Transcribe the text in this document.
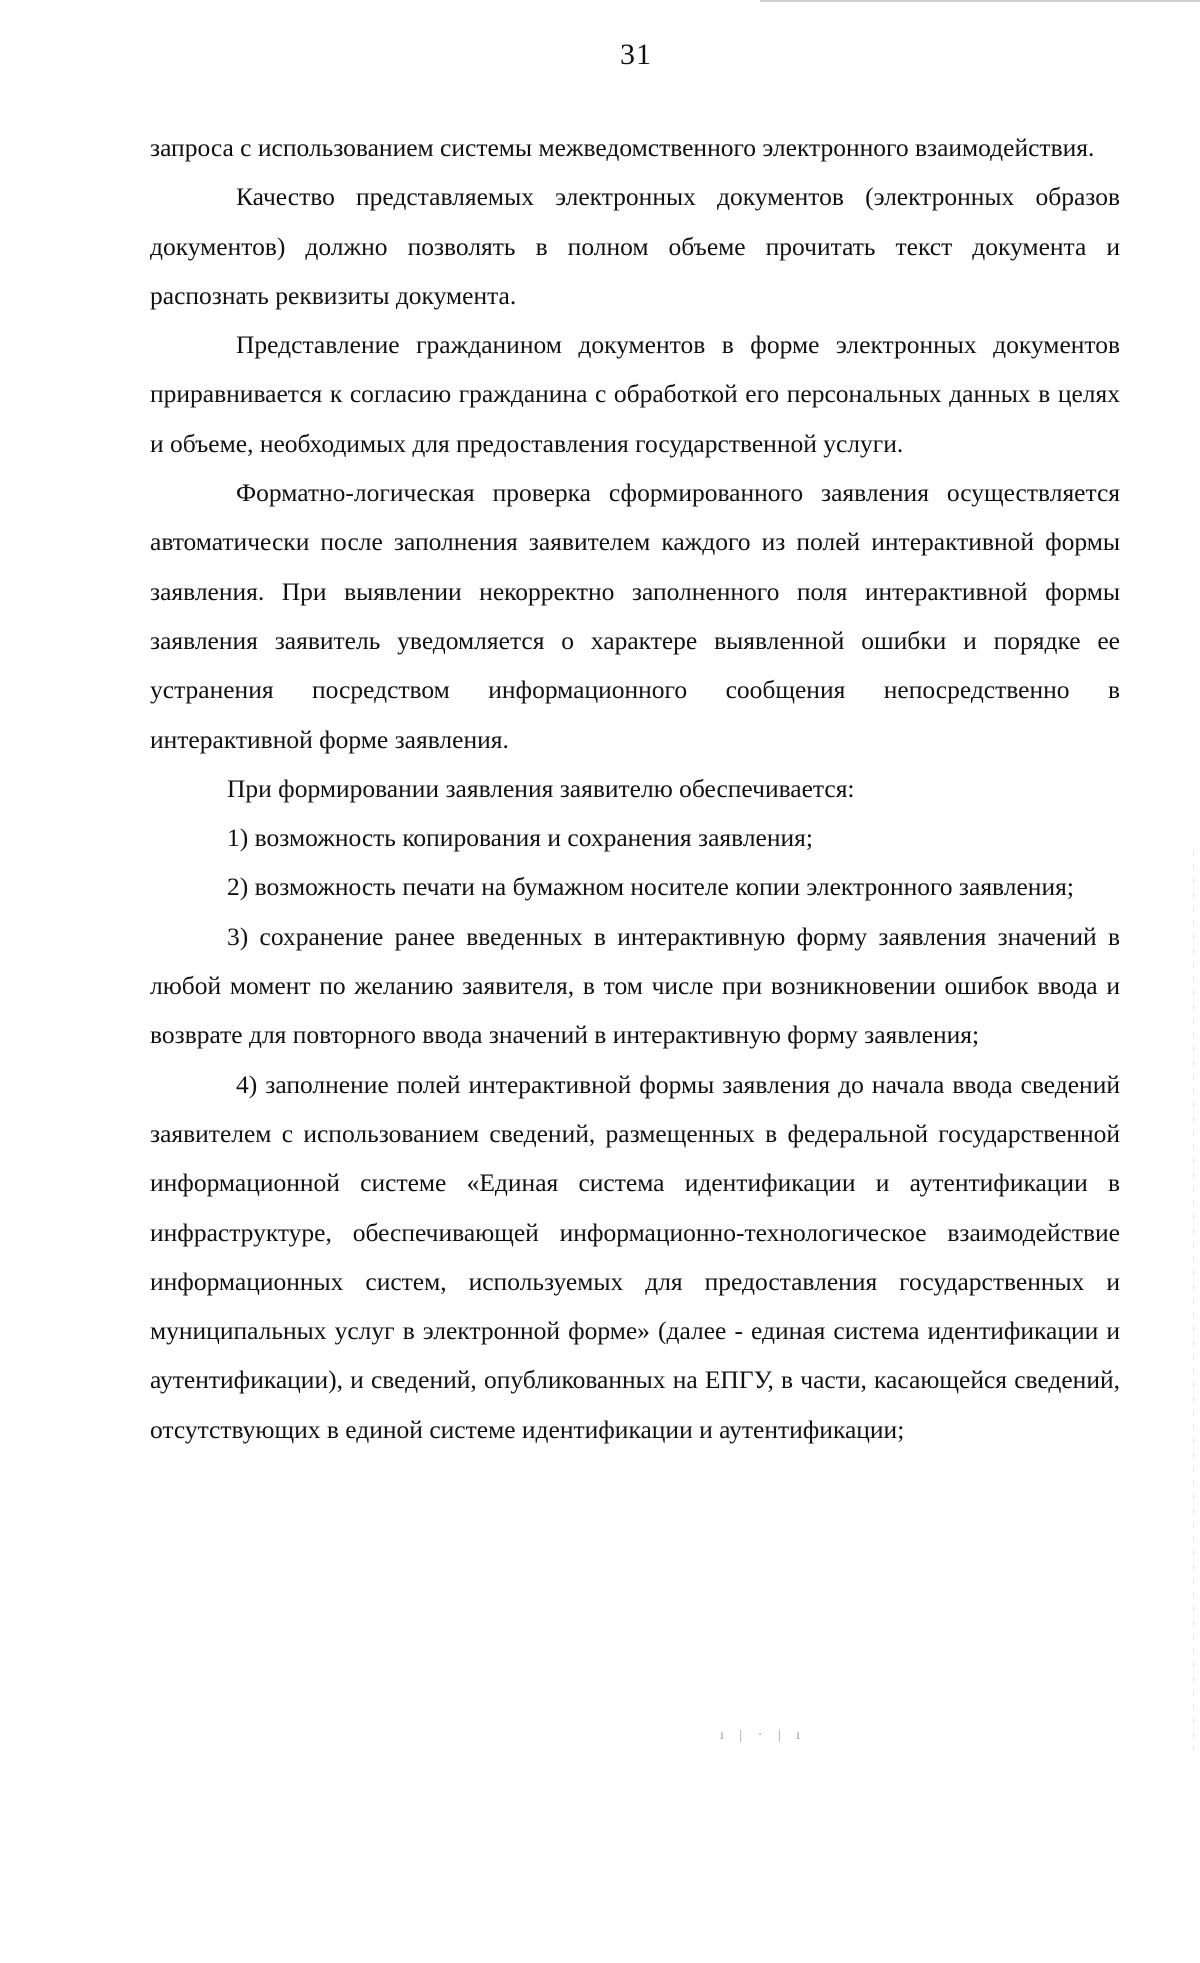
31

запроса с использованием системы межведомственного электронного взаимодействия.

Качество представляемых электронных документов (электронных образов документов) должно позволять в полном объеме прочитать текст документа и распознать реквизиты документа.

Представление гражданином документов в форме электронных документов приравнивается к согласию гражданина с обработкой его персональных данных в целях и объеме, необходимых для предоставления государственной услуги.

Форматно-логическая проверка сформированного заявления осуществляется автоматически после заполнения заявителем каждого из полей интерактивной формы заявления. При выявлении некорректно заполненного поля интерактивной формы заявления заявитель уведомляется о характере выявленной ошибки и порядке ее устранения посредством информационного сообщения непосредственно в интерактивной форме заявления.

При формировании заявления заявителю обеспечивается:

1) возможность копирования и сохранения заявления;

2) возможность печати на бумажном носителе копии электронного заявления;

3) сохранение ранее введенных в интерактивную форму заявления значений в любой момент по желанию заявителя, в том числе при возникновении ошибок ввода и возврате для повторного ввода значений в интерактивную форму заявления;

4) заполнение полей интерактивной формы заявления до начала ввода сведений заявителем с использованием сведений, размещенных в федеральной государственной информационной системе «Единая система идентификации и аутентификации в инфраструктуре, обеспечивающей информационно-технологическое взаимодействие информационных систем, используемых для предоставления государственных и муниципальных услуг в электронной форме» (далее - единая система идентификации и аутентификации), и сведений, опубликованных на ЕПГУ, в части, касающейся сведений, отсутствующих в единой системе идентификации и аутентификации;

ı | · | ı
